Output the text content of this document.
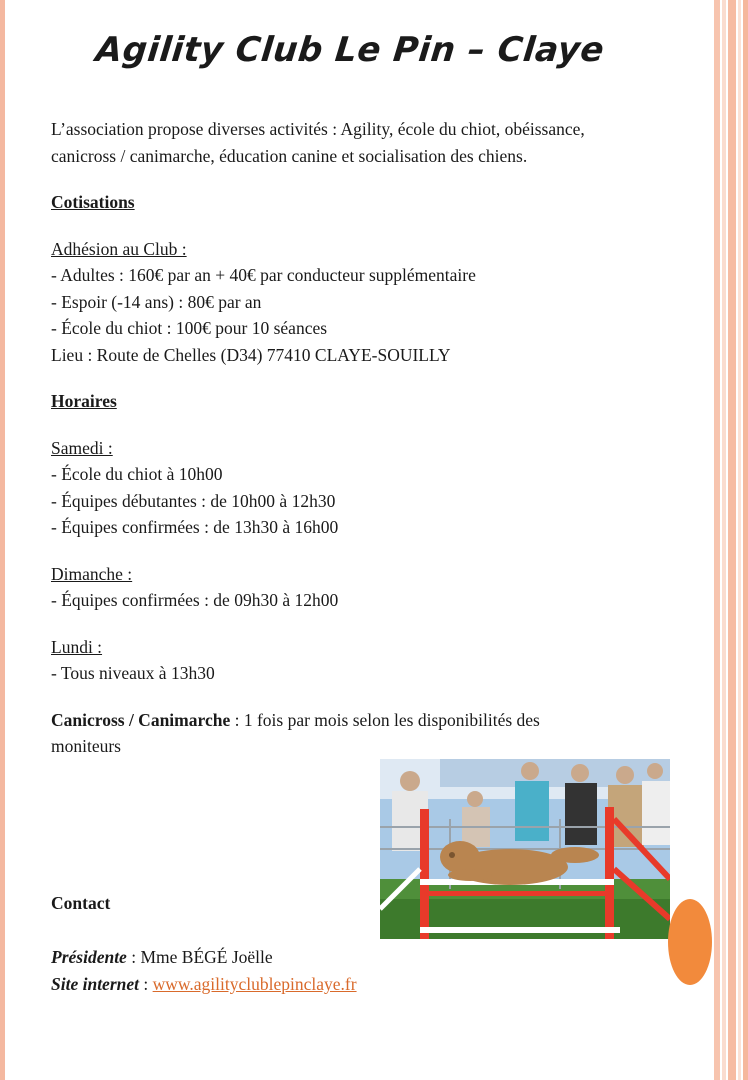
Agility Club Le Pin – Claye
L’association propose diverses activités : Agility, école du chiot, obéissance,
canicross / canimarche, éducation canine et socialisation des chiens.
Cotisations
Adhésion au Club :
- Adultes : 160€ par an + 40€ par conducteur supplémentaire
- Espoir (-14 ans) : 80€ par an
- École du chiot : 100€ pour 10 séances
Lieu : Route de Chelles (D34) 77410 CLAYE-SOUILLY
Horaires
Samedi :
- École du chiot à 10h00
- Équipes débutantes : de 10h00 à 12h30
- Équipes confirmées : de 13h30 à 16h00
Dimanche :
- Équipes confirmées : de 09h30 à 12h00
Lundi :
- Tous niveaux à 13h30
Canicross / Canimarche : 1 fois par mois selon les disponibilités des
moniteurs
Contact
Présidente : Mme BÉGÉ Joëlle
Site internet : www.agilityclublepinclaye.fr
